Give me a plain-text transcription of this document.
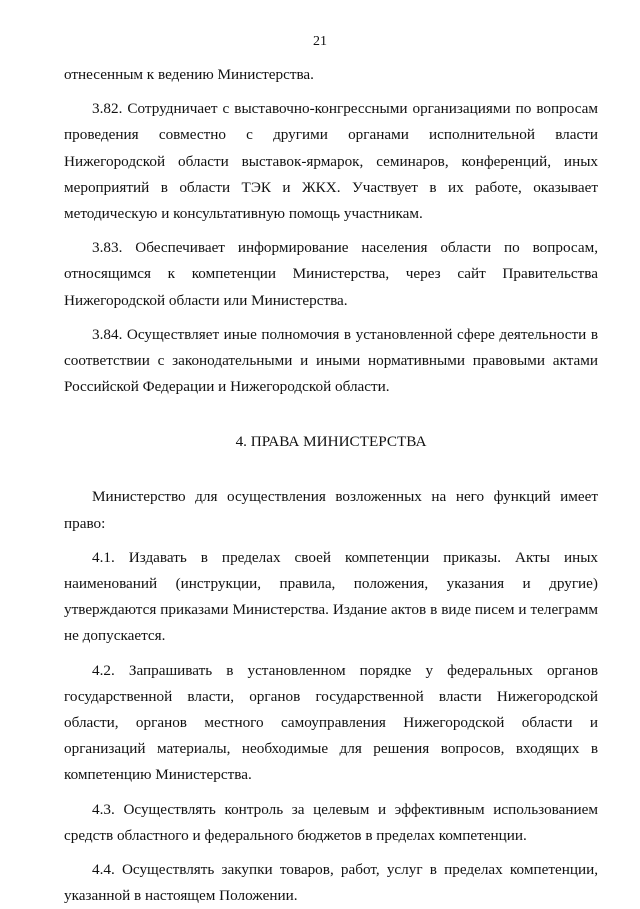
21

отнесенным к ведению Министерства.

3.82. Сотрудничает с выставочно-конгрессными организациями по вопросам проведения совместно с другими органами исполнительной власти Нижегородской области выставок-ярмарок, семинаров, конференций, иных мероприятий в области ТЭК и ЖКХ. Участвует в их работе, оказывает методическую и консультативную помощь участникам.

3.83. Обеспечивает информирование населения области по вопросам, относящимся к компетенции Министерства, через сайт Правительства Нижегородской области или Министерства.

3.84. Осуществляет иные полномочия в установленной сфере деятельности в соответствии с законодательными и иными нормативными правовыми актами Российской Федерации и Нижегородской области.

4. ПРАВА МИНИСТЕРСТВА

Министерство для осуществления возложенных на него функций имеет право:

4.1. Издавать в пределах своей компетенции приказы. Акты иных наименований (инструкции, правила, положения, указания и другие) утверждаются приказами Министерства. Издание актов в виде писем и телеграмм не допускается.

4.2. Запрашивать в установленном порядке у федеральных органов государственной власти, органов государственной власти Нижегородской области, органов местного самоуправления Нижегородской области и организаций материалы, необходимые для решения вопросов, входящих в компетенцию Министерства.

4.3. Осуществлять контроль за целевым и эффективным использованием средств областного и федерального бюджетов в пределах компетенции.

4.4. Осуществлять закупки товаров, работ, услуг в пределах компетенции, указанной в настоящем Положении.
